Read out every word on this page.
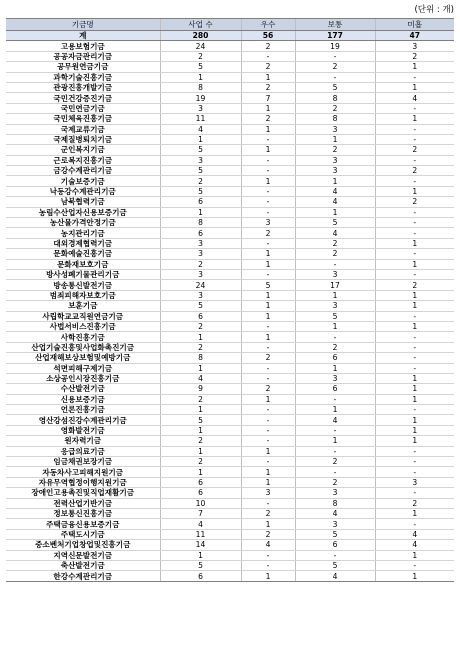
(단위 : 개)
기금명	사업 수	우수	보통	미흡
계	280	56	177	47
고용보험기금	24	2	19	3
공공자금관리기금	2	-	-	2
공무원연금기금	5	2	2	1
과학기술진흥기금	1	1	-	-
관광진흥개발기금	8	2	5	1
국민건강증진기금	19	7	8	4
국민연금기금	3	1	2	-
국민체육진흥기금	11	2	8	1
국제교류기금	4	1	3	-
국제질병퇴치기금	1	-	1	-
군인복지기금	5	1	2	2
근로복지진흥기금	3	-	3	-
금강수계관리기금	5	-	3	2
기술보증기금	2	1	1	-
낙동강수계관리기금	5	-	4	1
남북협력기금	6	-	4	2
농림수산업자신용보증기금	1	-	1	-
농산물가격안정기금	8	3	5	-
농지관리기금	6	2	4	-
대외경제협력기금	3	-	2	1
문화예술진흥기금	3	1	2	-
문화재보호기금	2	1	-	1
방사성폐기물관리기금	3	-	3	-
방송통신발전기금	24	5	17	2
범죄피해자보호기금	3	1	1	1
보훈기금	5	1	3	1
사립학교교직원연금기금	6	1	5	-
사법서비스진흥기금	2	-	1	1
사학진흥기금	1	1	-	-
산업기술진흥및사업화촉진기금	2	-	2	-
산업재해보상보험및예방기금	8	2	6	-
석면피해구제기금	1	-	1	-
소상공인시장진흥기금	4	-	3	1
수산발전기금	9	2	6	1
신용보증기금	2	1	-	1
언론진흥기금	1	-	1	-
영산강섬진강수계관리기금	5	-	4	1
영화발전기금	1	-	-	1
원자력기금	2	-	1	1
응급의료기금	1	1	-	-
임금채권보장기금	2	-	2	-
자동차사고피해지원기금	1	1	-	-
자유무역협정이행지원기금	6	1	2	3
장애인고용촉진및직업재활기금	6	3	3	-
전력산업기반기금	10	-	8	2
정보통신진흥기금	7	2	4	1
주택금융신용보증기금	4	1	3	-
주택도시기금	11	2	5	4
중소벤처기업창업및진흥기금	14	4	6	4
지역신문발전기금	1	-	-	1
축산발전기금	5	-	5	-
한강수계관리기금	6	1	4	1
